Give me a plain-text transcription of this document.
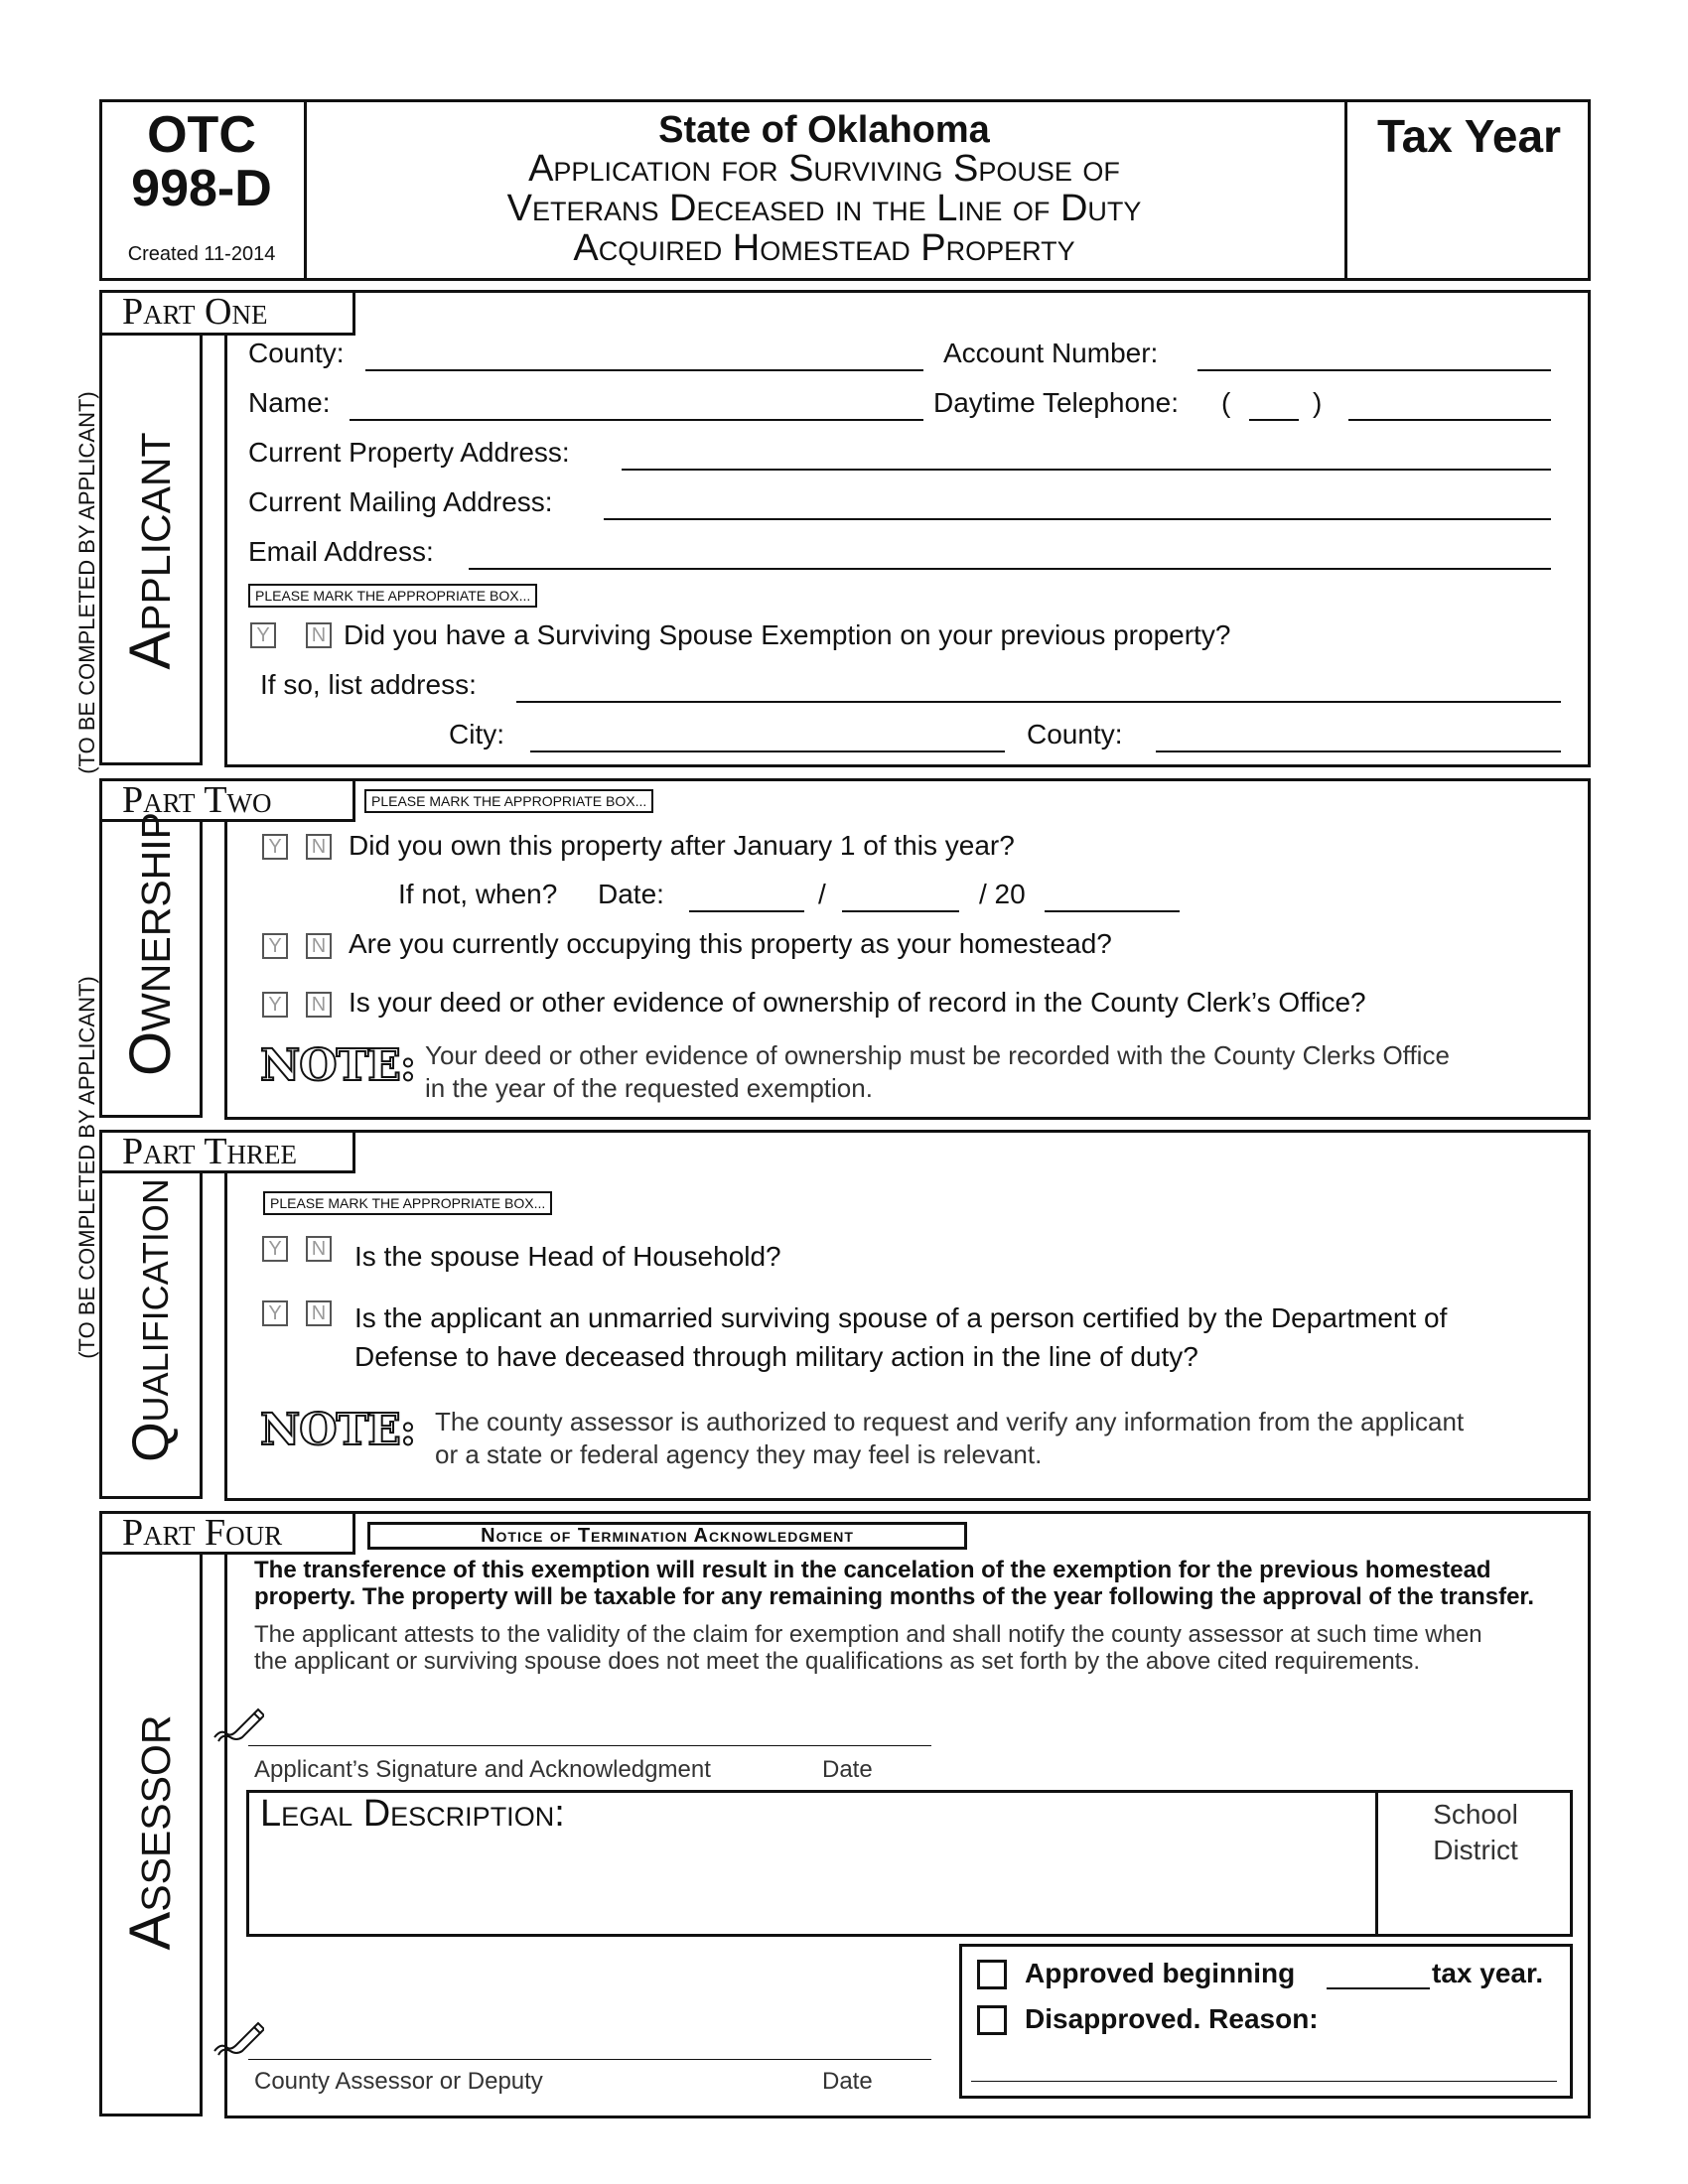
OTC
998-D
Created 11-2014
State of Oklahoma
Application for Surviving Spouse of
Veterans Deceased in the Line of Duty
Acquired Homestead Property
Tax Year
(TO BE COMPLETED BY APPLICANT)
(TO BE COMPLETED BY APPLICANT)
Part One
Applicant
County:	Account Number:
Name:	Daytime Telephone: (	)
Current Property Address:
Current Mailing Address:
Email Address:
PLEASE MARK THE APPROPRIATE BOX...
Y	N Did you have a Surviving Spouse Exemption on your previous property?
If so, list address:
City:	County:
Part Two	PLEASE MARK THE APPROPRIATE BOX...
Ownership	Y	N Did you own this property after January 1 of this year?
If not, when? Date:	/	/ 20
Y	N Are you currently occupying this property as your homestead?
Y	N Is your deed or other evidence of ownership of record in the County Clerk’s Office?
NOTE: Your deed or other evidence of ownership must be recorded with the County Clerks Office
in the year of the requested exemption.
Part Three
Qualification	PLEASE MARK THE APPROPRIATE BOX...
Y	N Is the spouse Head of Household?
Y	N Is the applicant an unmarried surviving spouse of a person certified by the Department of
Defense to have deceased through military action in the line of duty?
NOTE: The county assessor is authorized to request and verify any information from the applicant
or a state or federal agency they may feel is relevant.
Part Four	Notice of Termination Acknowledgment
Assessor
The transference of this exemption will result in the cancelation of the exemption for the previous homestead
property. The property will be taxable for any remaining months of the year following the approval of the transfer.
The applicant attests to the validity of the claim for exemption and shall notify the county assessor at such time when
the applicant or surviving spouse does not meet the qualifications as set forth by the above cited requirements.
Applicant’s Signature and Acknowledgment	Date
Legal Description:	School
District
Approved beginning	tax year.
Disapproved. Reason:
County Assessor or Deputy	Date
